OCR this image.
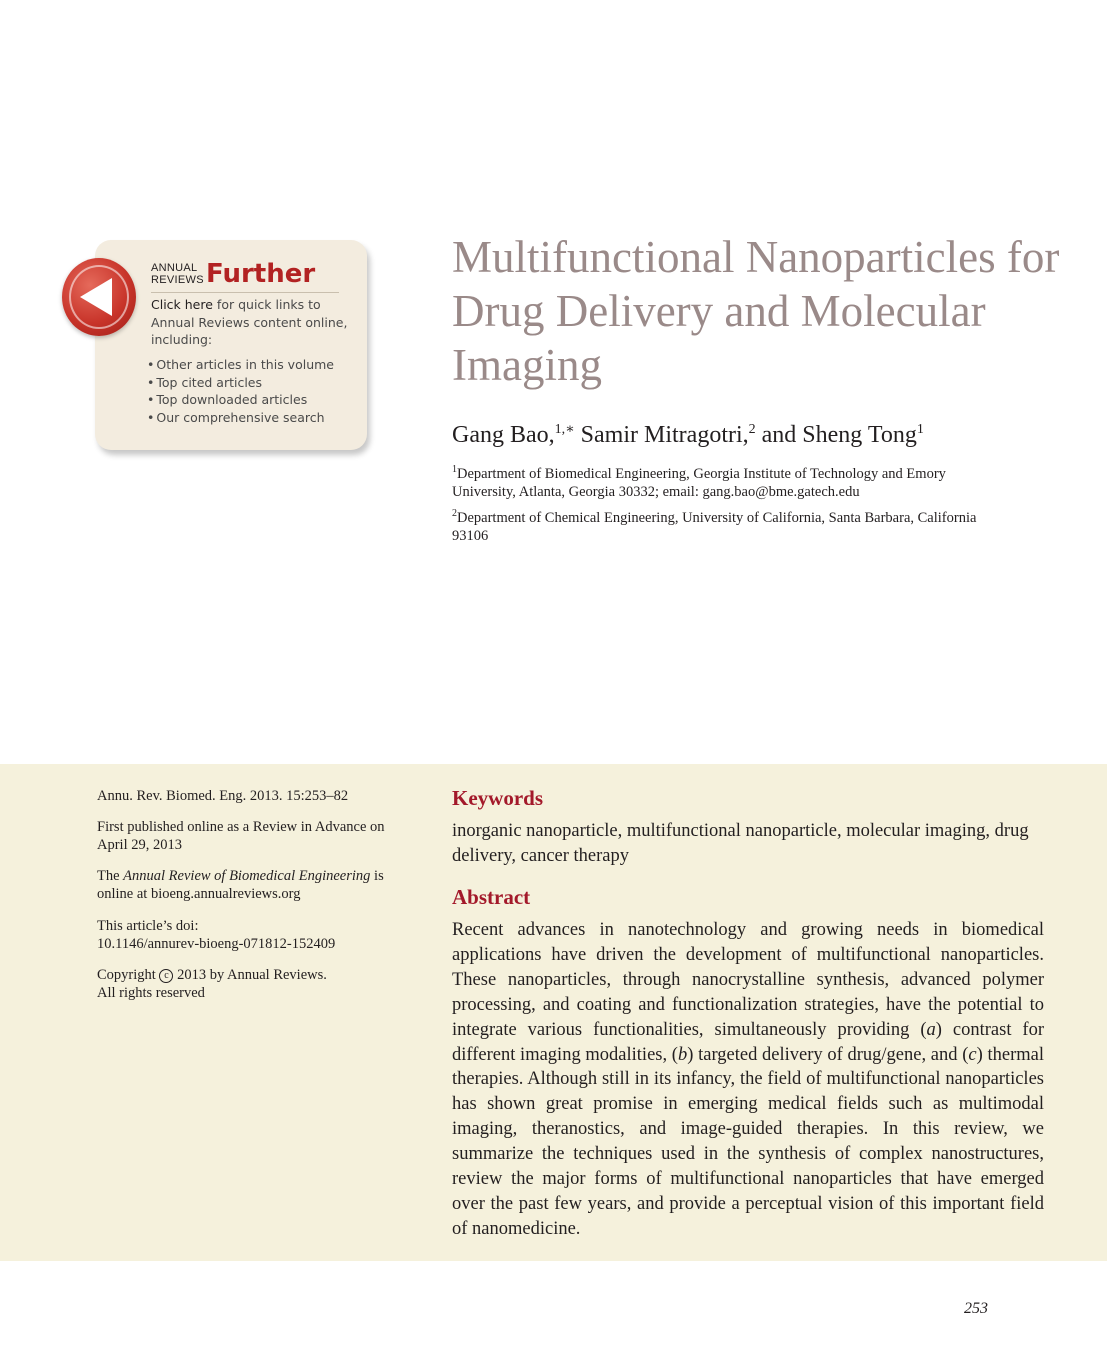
ANNUAL
REVIEWS Further
Click here for quick links to Annual Reviews content online, including:
• Other articles in this volume
• Top cited articles
• Top downloaded articles
• Our comprehensive search
Multifunctional Nanoparticles for Drug Delivery and Molecular Imaging

Gang Bao,$^{1,∗}$ Samir Mitragotri,$^2$ and Sheng Tong$^1$

$^1$Department of Biomedical Engineering, Georgia Institute of Technology and Emory University, Atlanta, Georgia 30332; email: gang.bao@bme.gatech.edu

$^2$Department of Chemical Engineering, University of California, Santa Barbara, California 93106

Annu. Rev. Biomed. Eng. 2013. 15:253–82

First published online as a Review in Advance on April 29, 2013

The Annual Review of Biomedical Engineering is online at bioeng.annualreviews.org

This article’s doi:
10.1146/annurev-bioeng-071812-152409

Copyright c 2013 by Annual Reviews.
All rights reserved

Keywords

inorganic nanoparticle, multifunctional nanoparticle, molecular imaging, drug delivery, cancer therapy

Abstract

Recent advances in nanotechnology and growing needs in biomedical applications have driven the development of multifunctional nanoparticles. These nanoparticles, through nanocrystalline synthesis, advanced polymer processing, and coating and functionalization strategies, have the potential to integrate various functionalities, simultaneously providing (a) contrast for different imaging modalities, (b) targeted delivery of drug/gene, and (c) thermal therapies. Although still in its infancy, the field of multifunctional nanoparticles has shown great promise in emerging medical fields such as multimodal imaging, theranostics, and image-guided therapies. In this review, we summarize the techniques used in the synthesis of complex nanostructures, review the major forms of multifunctional nanoparticles that have emerged over the past few years, and provide a perceptual vision of this important field of nanomedicine.

253
